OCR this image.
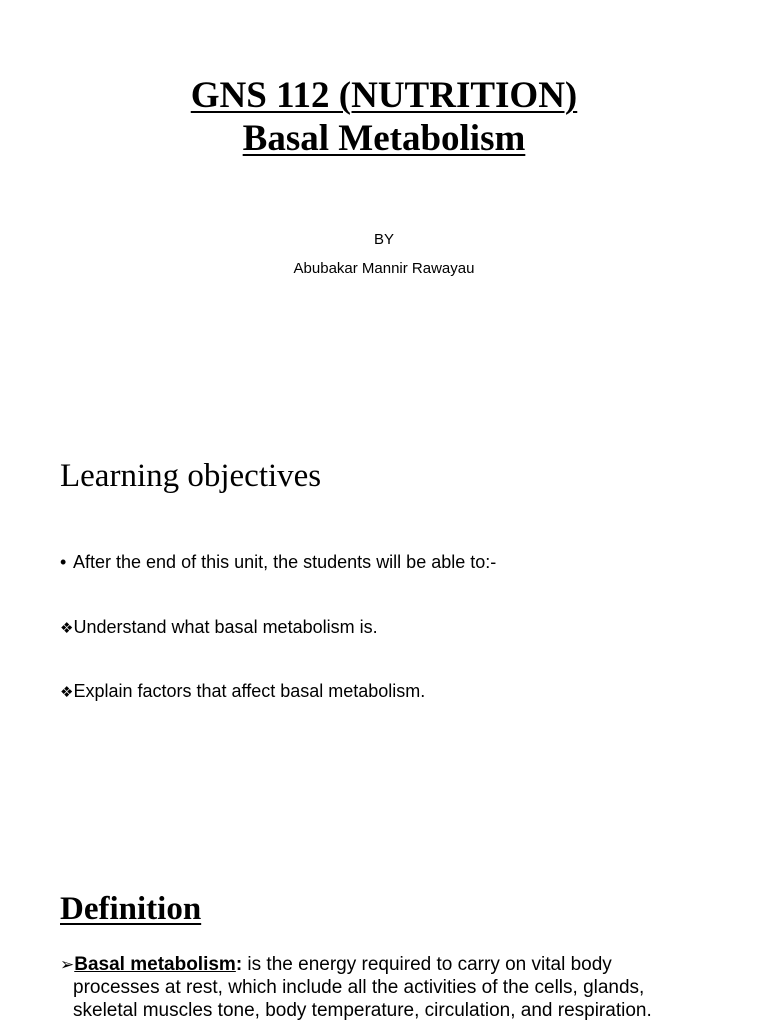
GNS 112 (NUTRITION)
Basal Metabolism
BY
Abubakar Mannir Rawayau
Learning objectives
• After the end of this unit, the students will be able to:-
❖Understand what basal metabolism is.
❖Explain factors that affect basal metabolism.
Definition
➢Basal metabolism: is the energy required to carry on vital body
processes at rest, which include all the activities of the cells, glands,
skeletal muscles tone, body temperature, circulation, and respiration.
